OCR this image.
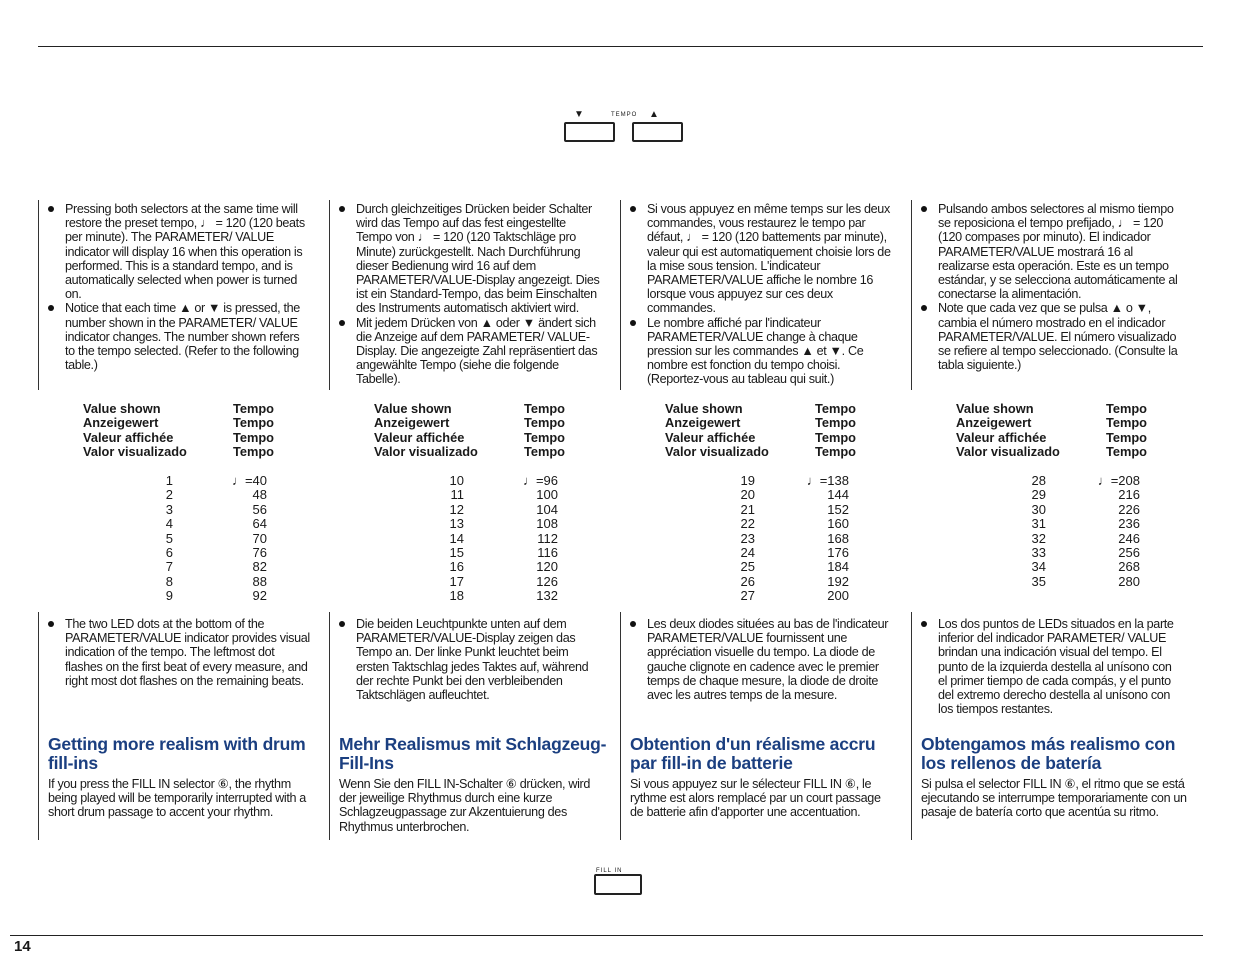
▼	TEMPO ▲
Pressing both selectors at the same time will restore the preset tempo, ♩ = 120 (120 beats per minute). The PARAMETER/ VALUE indicator will display 16 when this operation is performed. This is a standard tempo, and is automatically selected when power is turned on.
Notice that each time ▲ or ▼ is pressed, the number shown in the PARAMETER/ VALUE indicator changes. The number shown refers to the tempo selected. (Refer to the following table.)
Value shown	Tempo
Anzeigewert	Tempo
Valeur affichée	Tempo
Valor visualizado	Tempo
1	♩=40
2	48
3	56
4	64
5	70
6	76
7	82
8	88
9	92
The two LED dots at the bottom of the PARAMETER/VALUE indicator provides visual indication of the tempo. The leftmost dot flashes on the first beat of every measure, and right most dot flashes on the remaining beats.
Getting more realism with drum fill-ins

If you press the FILL IN selector ⑥, the rhythm being played will be temporarily interrupted with a short drum passage to accent your rhythm.

Durch gleichzeitiges Drücken beider Schalter wird das Tempo auf das fest eingestellte Tempo von ♩ = 120 (120 Taktschläge pro Minute) zurückgestellt. Nach Durchführung dieser Bedienung wird 16 auf dem PARAMETER/VALUE-Display angezeigt. Dies ist ein Standard-Tempo, das beim Einschalten des Instruments automatisch aktiviert wird.
Mit jedem Drücken von ▲ oder ▼ ändert sich die Anzeige auf dem PARAMETER/ VALUE-Display. Die angezeigte Zahl repräsentiert das angewählte Tempo (siehe die folgende Tabelle).
Value shown	Tempo
Anzeigewert	Tempo
Valeur affichée	Tempo
Valor visualizado	Tempo
10	♩=96
11	100
12	104
13	108
14	112
15	116
16	120
17	126
18	132
Die beiden Leuchtpunkte unten auf dem PARAMETER/VALUE-Display zeigen das Tempo an. Der linke Punkt leuchtet beim ersten Taktschlag jedes Taktes auf, während der rechte Punkt bei den verbleibenden Taktschlägen aufleuchtet.
Mehr Realismus mit Schlagzeug-Fill-Ins

Wenn Sie den FILL IN-Schalter ⑥ drücken, wird der jeweilige Rhythmus durch eine kurze Schlagzeugpassage zur Akzentuierung des Rhythmus unterbrochen.

Si vous appuyez en même temps sur les deux commandes, vous restaurez le tempo par défaut, ♩ = 120 (120 battements par minute), valeur qui est automatiquement choisie lors de la mise sous tension. L'indicateur PARAMETER/VALUE affiche le nombre 16 lorsque vous appuyez sur ces deux commandes.
Le nombre affiché par l'indicateur PARAMETER/VALUE change à chaque pression sur les commandes ▲ et ▼. Ce nombre est fonction du tempo choisi. (Reportez-vous au tableau qui suit.)
Value shown	Tempo
Anzeigewert	Tempo
Valeur affichée	Tempo
Valor visualizado	Tempo
19	♩=138
20	144
21	152
22	160
23	168
24	176
25	184
26	192
27	200
Les deux diodes situées au bas de l'indicateur PARAMETER/VALUE fournissent une appréciation visuelle du tempo. La diode de gauche clignote en cadence avec le premier temps de chaque mesure, la diode de droite avec les autres temps de la mesure.
Obtention d'un réalisme accru par fill-in de batterie

Si vous appuyez sur le sélecteur FILL IN ⑥, le rythme est alors remplacé par un court passage de batterie afin d'apporter une accentuation.

Pulsando ambos selectores al mismo tiempo se reposiciona el tempo prefijado, ♩ = 120 (120 compases por minuto). El indicador PARAMETER/VALUE mostrará 16 al realizarse esta operación. Este es un tempo estándar, y se selecciona automáticamente al conectarse la alimentación.
Note que cada vez que se pulsa ▲ o ▼, cambia el número mostrado en el indicador PARAMETER/VALUE. El número visualizado se refiere al tempo seleccionado. (Consulte la tabla siguiente.)
Value shown	Tempo
Anzeigewert	Tempo
Valeur affichée	Tempo
Valor visualizado	Tempo
28	♩=208
29	216
30	226
31	236
32	246
33	256
34	268
35	280
Los dos puntos de LEDs situados en la parte inferior del indicador PARAMETER/ VALUE brindan una indicación visual del tempo. El punto de la izquierda destella al unísono con el primer tiempo de cada compás, y el punto del extremo derecho destella al unísono con los tiempos restantes.
Obtengamos más realismo con los rellenos de batería

Si pulsa el selector FILL IN ⑥, el ritmo que se está ejecutando se interrumpe temporariamente con un pasaje de batería corto que acentúa su ritmo.

FILL IN
14
